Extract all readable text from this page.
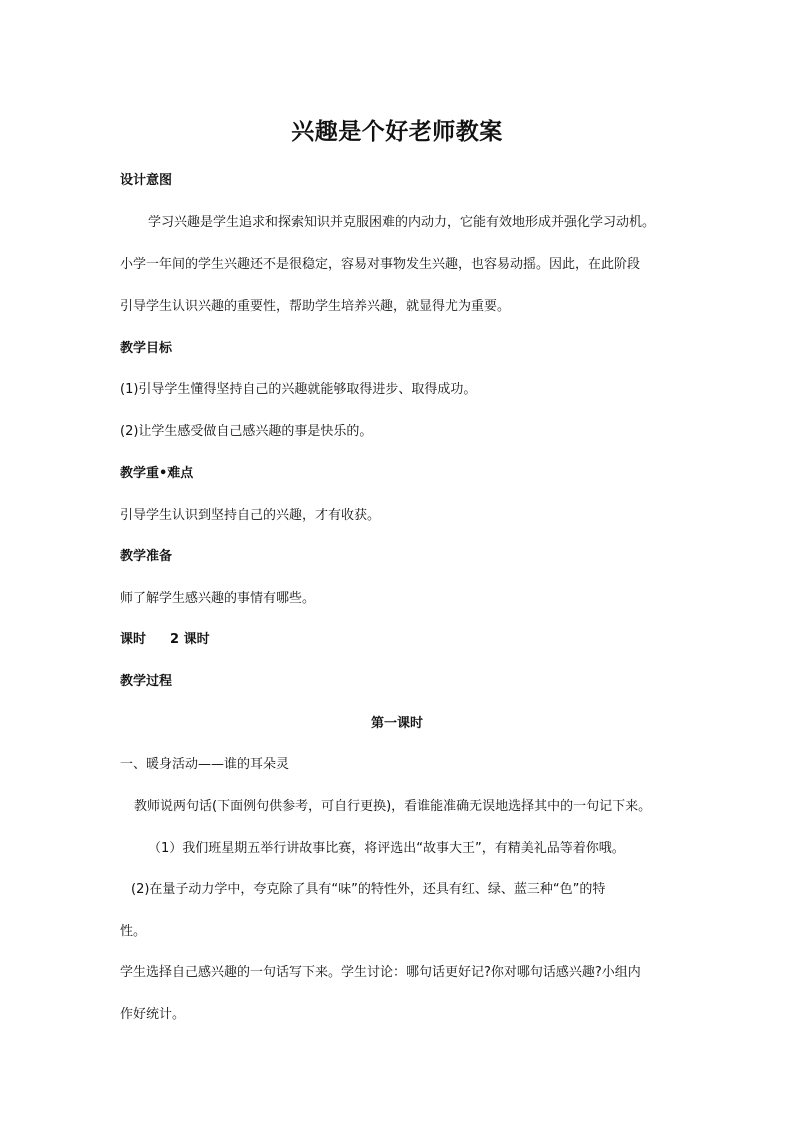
兴趣是个好老师教案
设计意图
学习兴趣是学生追求和探索知识并克服困难的内动力，它能有效地形成并强化学习动机。
小学一年间的学生兴趣还不是很稳定，容易对事物发生兴趣，也容易动摇。因此，在此阶段
引导学生认识兴趣的重要性，帮助学生培养兴趣，就显得尤为重要。
教学目标
(1)引导学生懂得坚持自己的兴趣就能够取得进步、取得成功。
(2)让学生感受做自己感兴趣的事是快乐的。
教学重•难点
引导学生认识到坚持自己的兴趣，才有收获。
教学准备
师了解学生感兴趣的事情有哪些。
课时 2 课时
教学过程
第一课时
一、暖身活动——谁的耳朵灵
教师说两句话(下面例句供参考，可自行更换)，看谁能准确无误地选择其中的一句记下来。
（1）我们班星期五举行讲故事比赛，将评选出“故事大王”，有精美礼品等着你哦。
(2)在量子动力学中，夸克除了具有“味”的特性外，还具有红、绿、蓝三种“色”的特
性。
学生选择自己感兴趣的一句话写下来。学生讨论：哪句话更好记?你对哪句话感兴趣?小组内
作好统计。
